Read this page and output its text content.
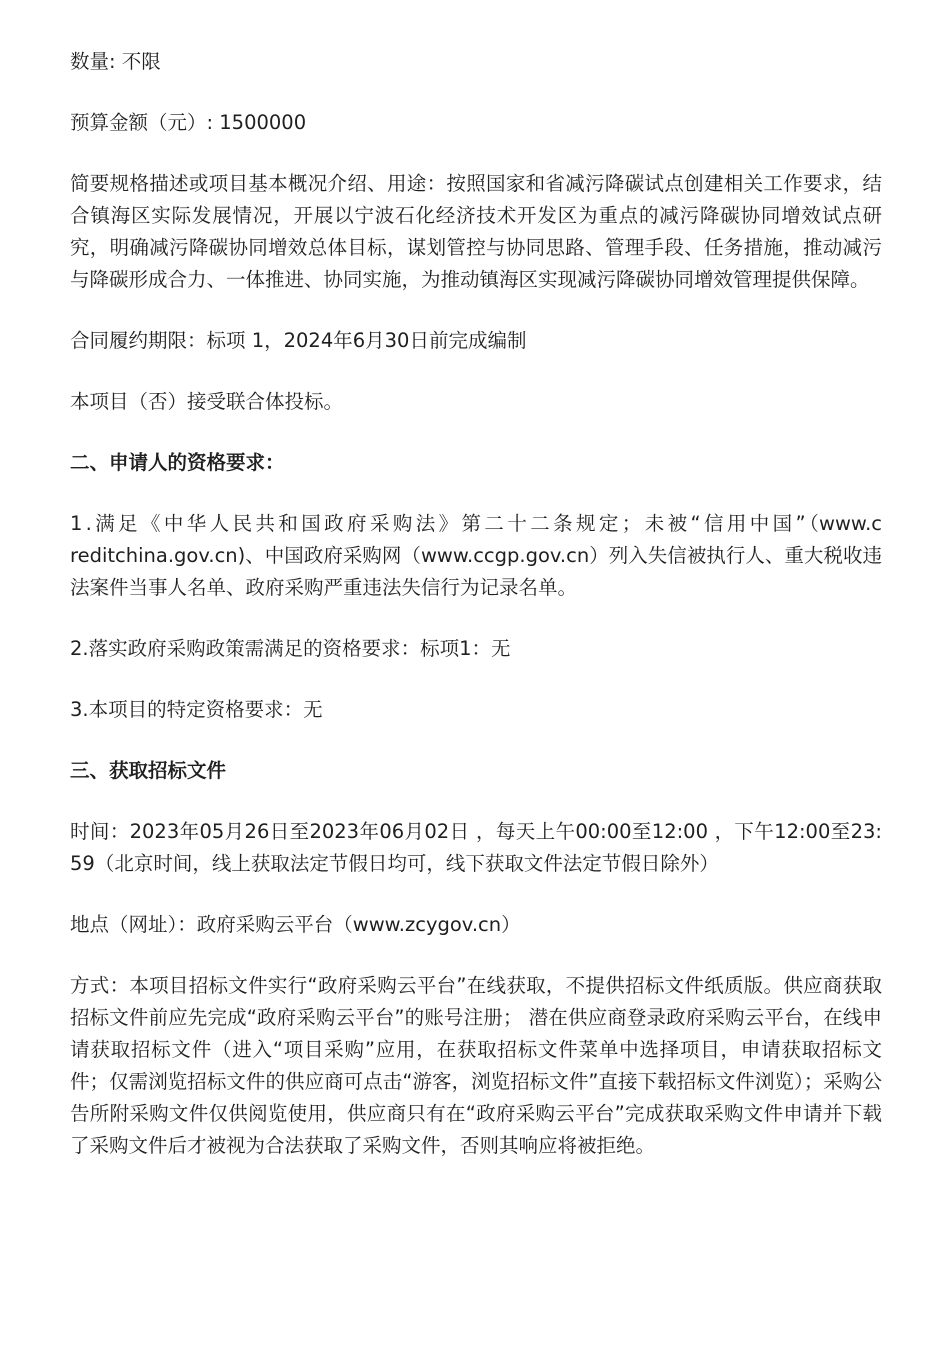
数量: 不限

预算金额（元）: 1500000

简要规格描述或项目基本概况介绍、用途：按照国家和省减污降碳试点创建相关工作要求，结合镇海区实际发展情况，开展以宁波石化经济技术开发区为重点的减污降碳协同增效试点研究，明确减污降碳协同增效总体目标，谋划管控与协同思路、管理手段、任务措施，推动减污与降碳形成合力、一体推进、协同实施，为推动镇海区实现减污降碳协同增效管理提供保障。

合同履约期限：标项 1，2024年6月30日前完成编制

本项目（否）接受联合体投标。

二、申请人的资格要求：

1.满足《中华人民共和国政府采购法》第二十二条规定；未被“信用中国”（www.creditchina.gov.cn)、中国政府采购网（www.ccgp.gov.cn）列入失信被执行人、重大税收违法案件当事人名单、政府采购严重违法失信行为记录名单。

2.落实政府采购政策需满足的资格要求：标项1：无

3.本项目的特定资格要求：无

三、获取招标文件

时间：2023年05月26日至2023年06月02日 ，每天上午00:00至12:00 ，下午12:00至23:59（北京时间，线上获取法定节假日均可，线下获取文件法定节假日除外）

地点（网址）：政府采购云平台（www.zcygov.cn）

方式：本项目招标文件实行“政府采购云平台”在线获取，不提供招标文件纸质版。供应商获取招标文件前应先完成“政府采购云平台”的账号注册； 潜在供应商登录政府采购云平台，在线申请获取招标文件（进入“项目采购”应用，在获取招标文件菜单中选择项目，申请获取招标文件；仅需浏览招标文件的供应商可点击“游客，浏览招标文件”直接下载招标文件浏览）；采购公告所附采购文件仅供阅览使用，供应商只有在“政府采购云平台”完成获取采购文件申请并下载了采购文件后才被视为合法获取了采购文件，否则其响应将被拒绝。
